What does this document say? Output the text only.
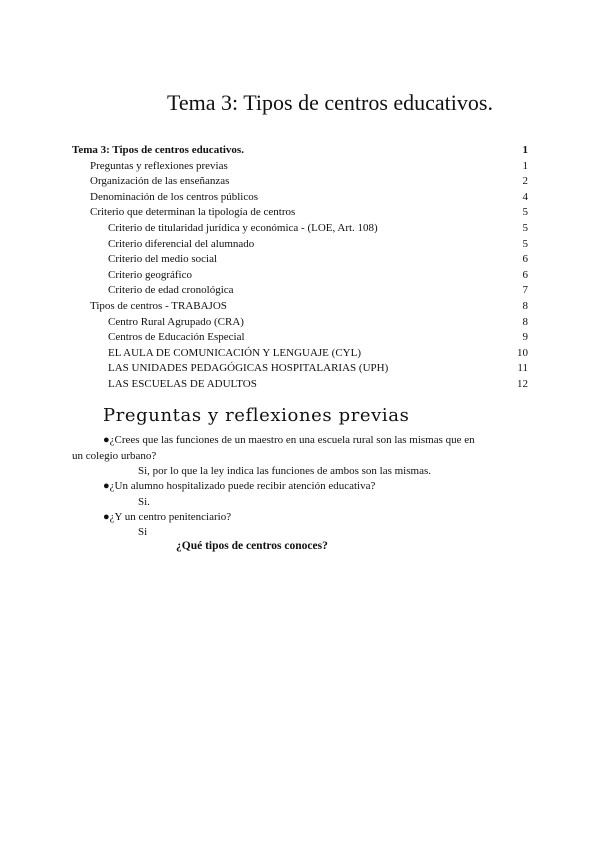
Tema 3: Tipos de centros educativos.
Tema 3: Tipos de centros educativos.	1
Preguntas y reflexiones previas	1
Organización de las enseñanzas	2
Denominación de los centros públicos	4
Criterio que determinan la tipología de centros	5
Criterio de titularidad jurídica y económica - (LOE, Art. 108)	5
Criterio diferencial del alumnado	5
Criterio del medio social	6
Criterio geográfico	6
Criterio de edad cronológica	7
Tipos de centros - TRABAJOS	8
Centro Rural Agrupado (CRA)	8
Centros de Educación Especial	9
EL AULA DE COMUNICACIÓN Y LENGUAJE (CYL)	10
LAS UNIDADES PEDAGÓGICAS HOSPITALARIAS (UPH)	11
LAS ESCUELAS DE ADULTOS	12
Preguntas y reflexiones previas
●¿Crees que las funciones de un maestro en una escuela rural son las mismas que en
un colegio urbano?
Si, por lo que la ley indica las funciones de ambos son las mismas.
●¿Un alumno hospitalizado puede recibir atención educativa?
Si.
●¿Y un centro penitenciario?
Si
¿Qué tipos de centros conoces?
